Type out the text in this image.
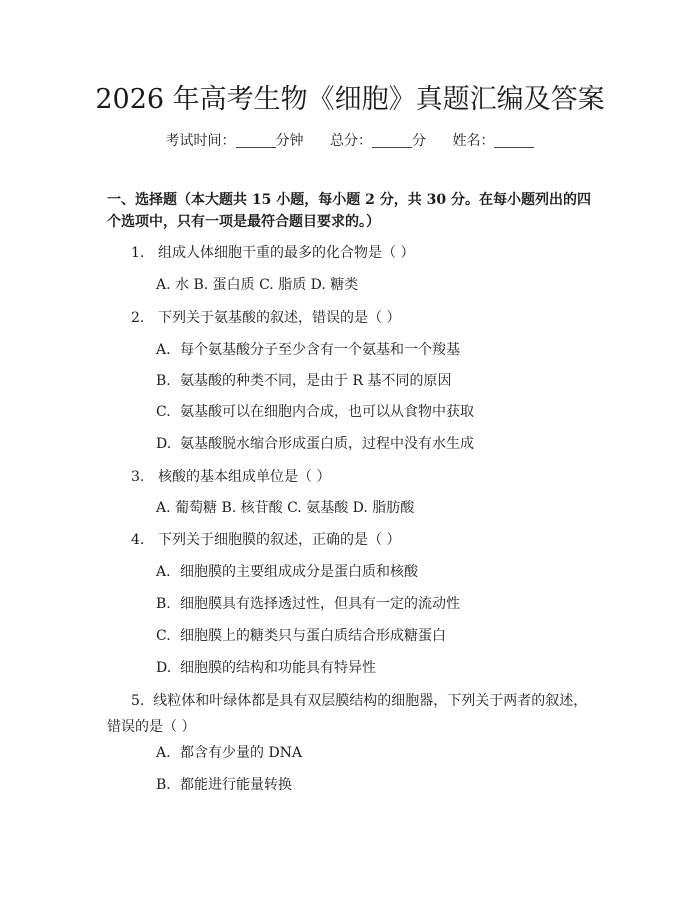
2026 年高考生物《细胞》真题汇编及答案
考试时间：	分钟 总分：	分 姓名：
一、选择题（本大题共 15 小题，每小题 2 分，共 30 分。在每小题列出的四个选项中，只有一项是最符合题目要求的。）
1. 组成人体细胞干重的最多的化合物是（ ）
A. 水 B. 蛋白质 C. 脂质 D. 糖类
2. 下列关于氨基酸的叙述，错误的是（ ）
A. 每个氨基酸分子至少含有一个氨基和一个羧基
B. 氨基酸的种类不同，是由于 R 基不同的原因
C. 氨基酸可以在细胞内合成，也可以从食物中获取
D. 氨基酸脱水缩合形成蛋白质，过程中没有水生成
3. 核酸的基本组成单位是（ ）
A. 葡萄糖 B. 核苷酸 C. 氨基酸 D. 脂肪酸
4. 下列关于细胞膜的叙述，正确的是（ ）
A. 细胞膜的主要组成成分是蛋白质和核酸
B. 细胞膜具有选择透过性，但具有一定的流动性
C. 细胞膜上的糖类只与蛋白质结合形成糖蛋白
D. 细胞膜的结构和功能具有特异性
5. 线粒体和叶绿体都是具有双层膜结构的细胞器，下列关于两者的叙述，错误的是（ ）
A. 都含有少量的 DNA
B. 都能进行能量转换
